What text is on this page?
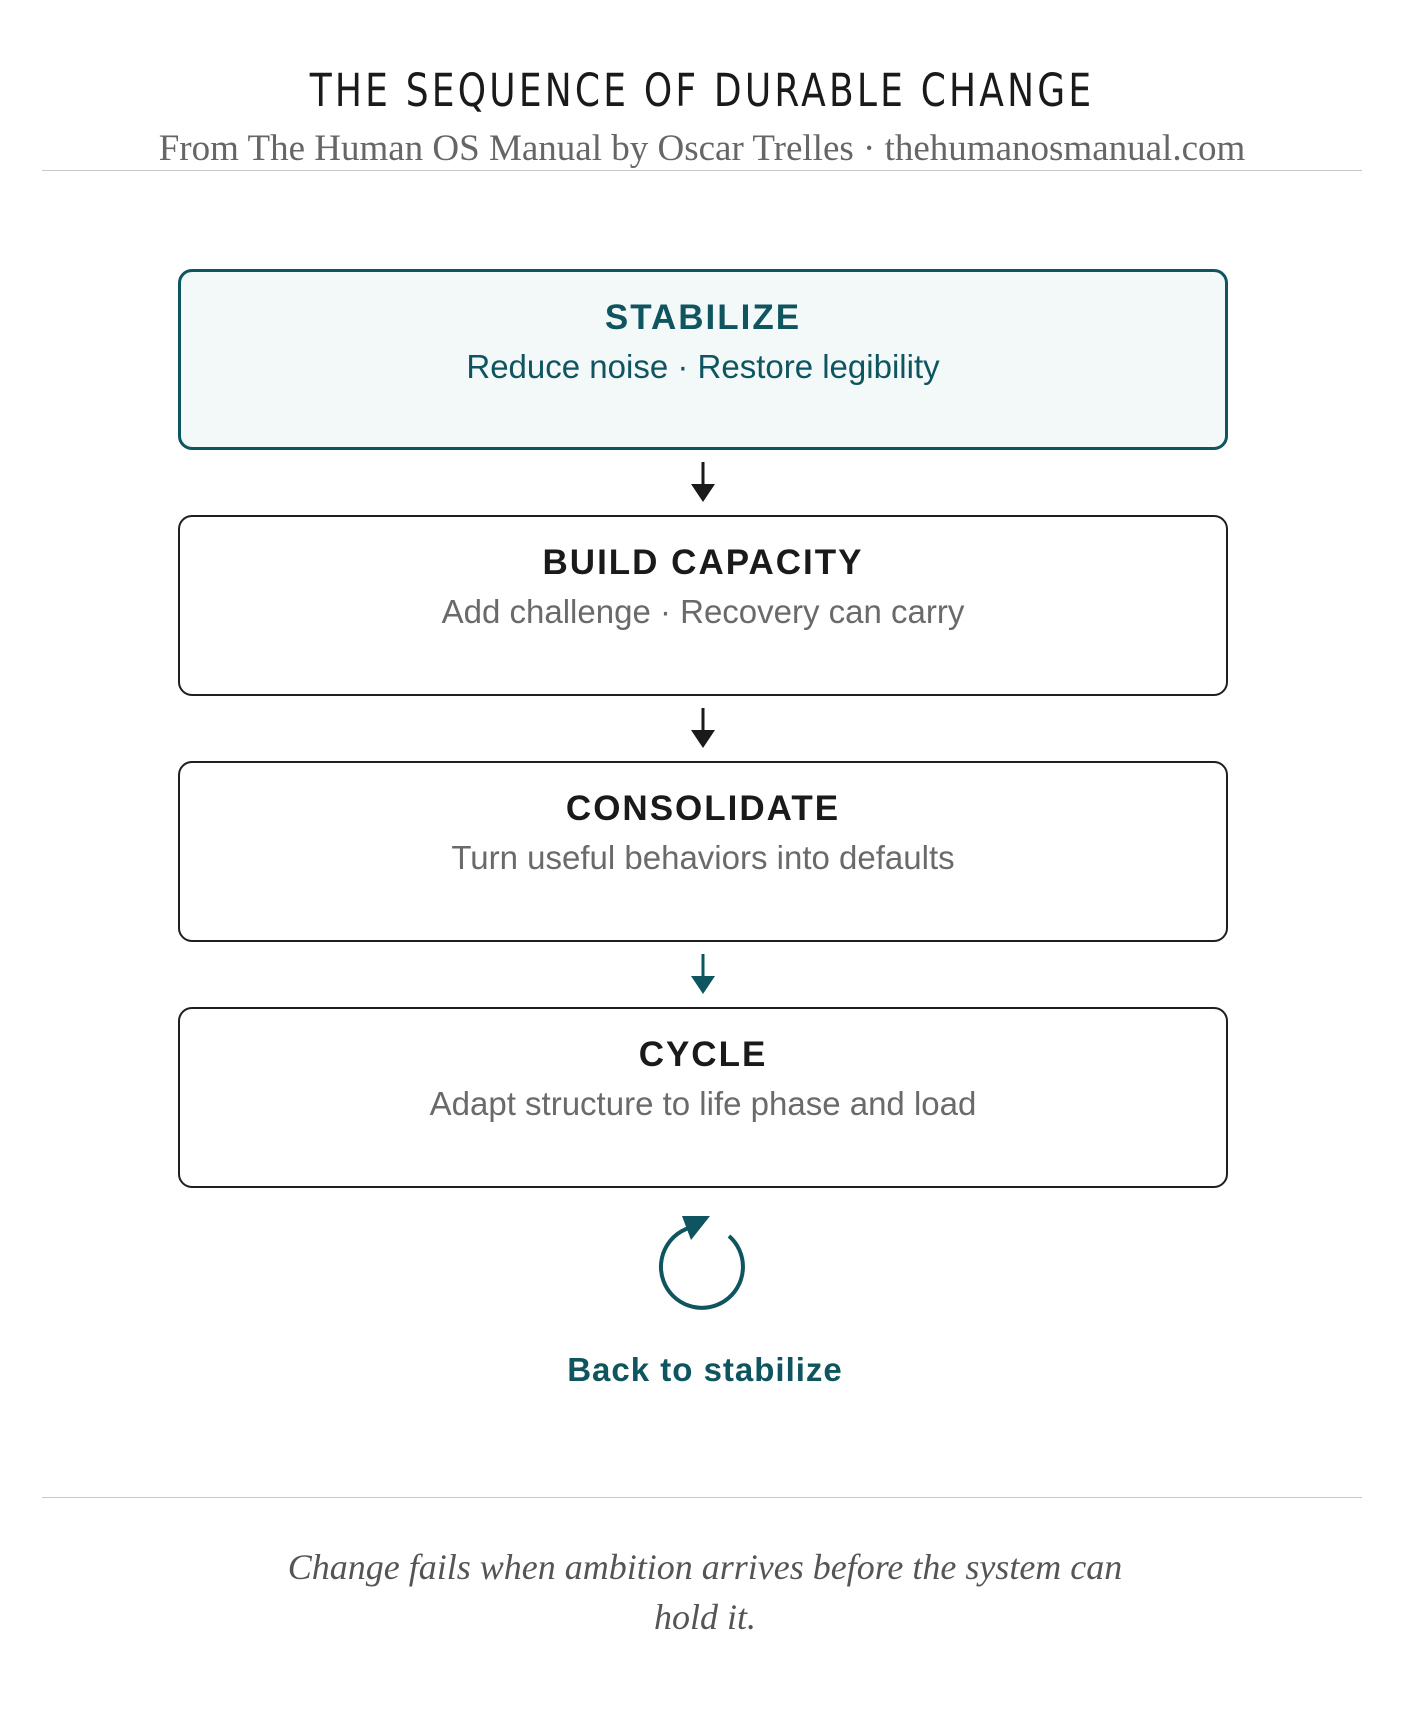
THE SEQUENCE OF DURABLE CHANGE
From The Human OS Manual by Oscar Trelles · thehumanosmanual.com
STABILIZE
Reduce noise · Restore legibility
BUILD CAPACITY
Add challenge · Recovery can carry
CONSOLIDATE
Turn useful behaviors into defaults
CYCLE
Adapt structure to life phase and load
Back to stabilize
Change fails when ambition arrives before the system can hold it.
